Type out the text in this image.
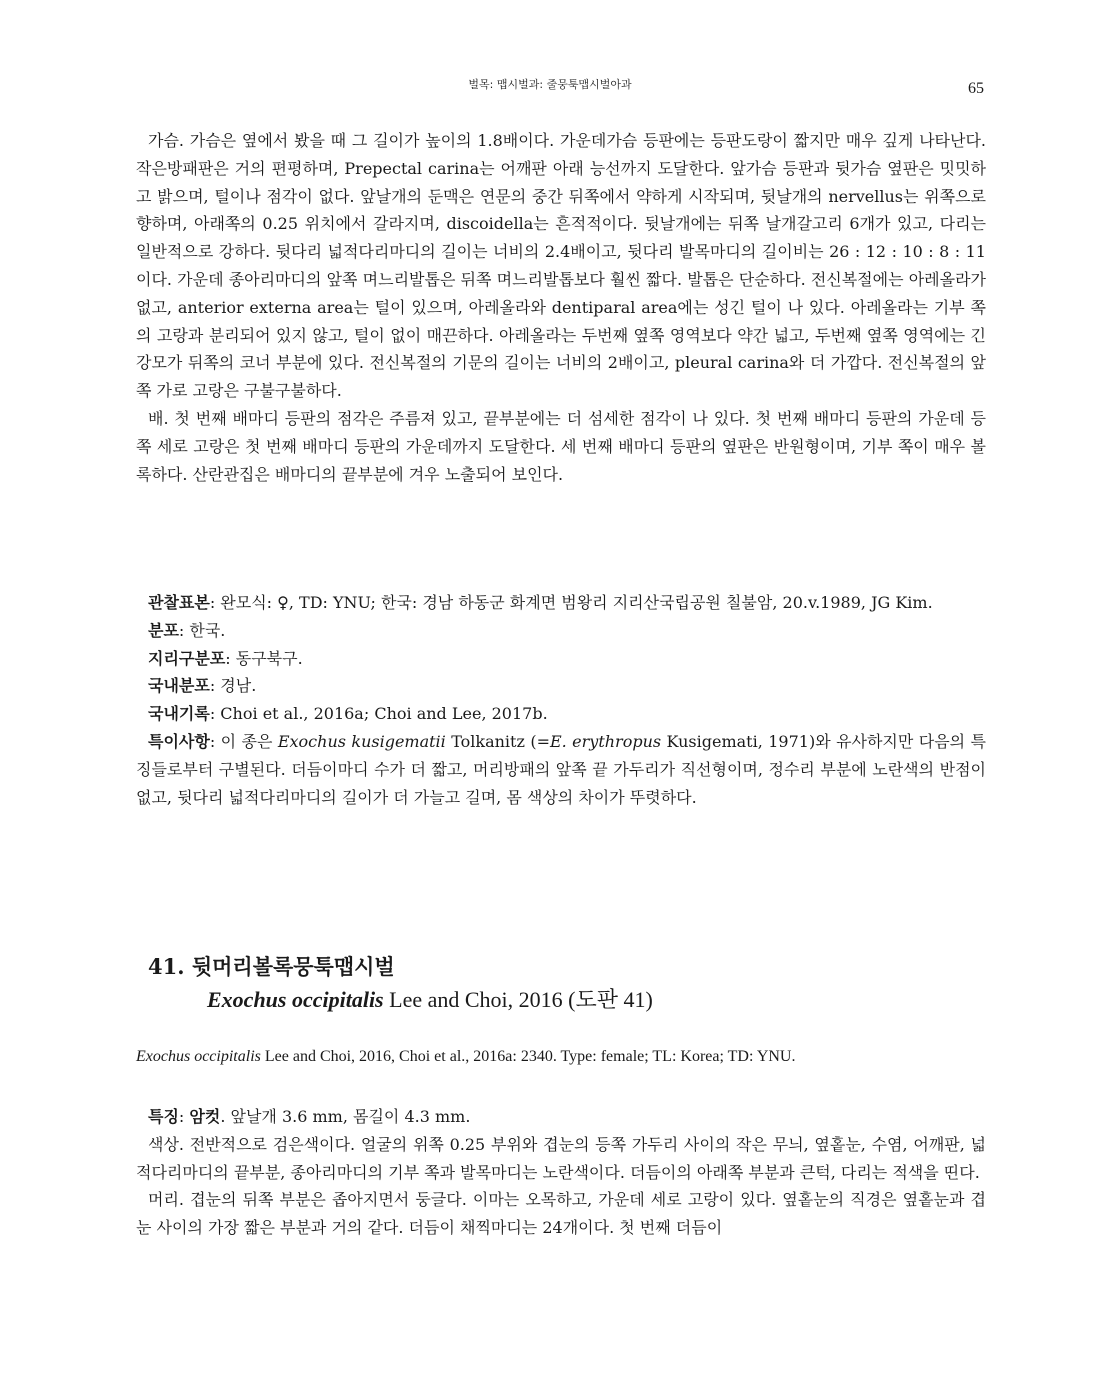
벌목: 맵시벌과: 줄뭉툭맵시벌아과	65

가슴. 가슴은 옆에서 봤을 때 그 길이가 높이의 1.8배이다. 가운데가슴 등판에는 등판도랑이 짧지만 매우 깊게 나타난다. 작은방패판은 거의 편평하며, Prepectal carina는 어깨판 아래 능선까지 도달한다. 앞가슴 등판과 뒷가슴 옆판은 밋밋하고 밝으며, 털이나 점각이 없다. 앞날개의 둔맥은 연문의 중간 뒤쪽에서 약하게 시작되며, 뒷날개의 nervellus는 위쪽으로 향하며, 아래쪽의 0.25 위치에서 갈라지며, discoidella는 흔적적이다. 뒷날개에는 뒤쪽 날개갈고리 6개가 있고, 다리는 일반적으로 강하다. 뒷다리 넓적다리마디의 길이는 너비의 2.4배이고, 뒷다리 발목마디의 길이비는 26 : 12 : 10 : 8 : 11이다. 가운데 종아리마디의 앞쪽 며느리발톱은 뒤쪽 며느리발톱보다 훨씬 짧다. 발톱은 단순하다. 전신복절에는 아레올라가 없고, anterior externa area는 털이 있으며, 아레올라와 dentiparal area에는 성긴 털이 나 있다. 아레올라는 기부 쪽의 고랑과 분리되어 있지 않고, 털이 없이 매끈하다. 아레올라는 두번째 옆쪽 영역보다 약간 넓고, 두번째 옆쪽 영역에는 긴 강모가 뒤쪽의 코너 부분에 있다. 전신복절의 기문의 길이는 너비의 2배이고, pleural carina와 더 가깝다. 전신복절의 앞쪽 가로 고랑은 구불구불하다.

배. 첫 번째 배마디 등판의 점각은 주름져 있고, 끝부분에는 더 섬세한 점각이 나 있다. 첫 번째 배마디 등판의 가운데 등쪽 세로 고랑은 첫 번째 배마디 등판의 가운데까지 도달한다. 세 번째 배마디 등판의 옆판은 반원형이며, 기부 쪽이 매우 볼록하다. 산란관집은 배마디의 끝부분에 겨우 노출되어 보인다.

관찰표본: 완모식: ♀, TD: YNU; 한국: 경남 하동군 화계면 범왕리 지리산국립공원 칠불암, 20.v.1989, JG Kim.

분포: 한국.

지리구분포: 동구북구.

국내분포: 경남.

국내기록: Choi et al., 2016a; Choi and Lee, 2017b.

특이사항: 이 종은 Exochus kusigematii Tolkanitz (=E. erythropus Kusigemati, 1971)와 유사하지만 다음의 특징들로부터 구별된다. 더듬이마디 수가 더 짧고, 머리방패의 앞쪽 끝 가두리가 직선형이며, 정수리 부분에 노란색의 반점이 없고, 뒷다리 넓적다리마디의 길이가 더 가늘고 길며, 몸 색상의 차이가 뚜렷하다.

41. 뒷머리볼록뭉툭맵시벌

Exochus occipitalis Lee and Choi, 2016 (도판 41)

Exochus occipitalis Lee and Choi, 2016, Choi et al., 2016a: 2340. Type: female; TL: Korea; TD: YNU.

특징: 암컷. 앞날개 3.6 mm, 몸길이 4.3 mm.

색상. 전반적으로 검은색이다. 얼굴의 위쪽 0.25 부위와 겹눈의 등쪽 가두리 사이의 작은 무늬, 옆홑눈, 수염, 어깨판, 넓적다리마디의 끝부분, 종아리마디의 기부 쪽과 발목마디는 노란색이다. 더듬이의 아래쪽 부분과 큰턱, 다리는 적색을 띤다.

머리. 겹눈의 뒤쪽 부분은 좁아지면서 둥글다. 이마는 오목하고, 가운데 세로 고랑이 있다. 옆홑눈의 직경은 옆홑눈과 겹눈 사이의 가장 짧은 부분과 거의 같다. 더듬이 채찍마디는 24개이다. 첫 번째 더듬이
